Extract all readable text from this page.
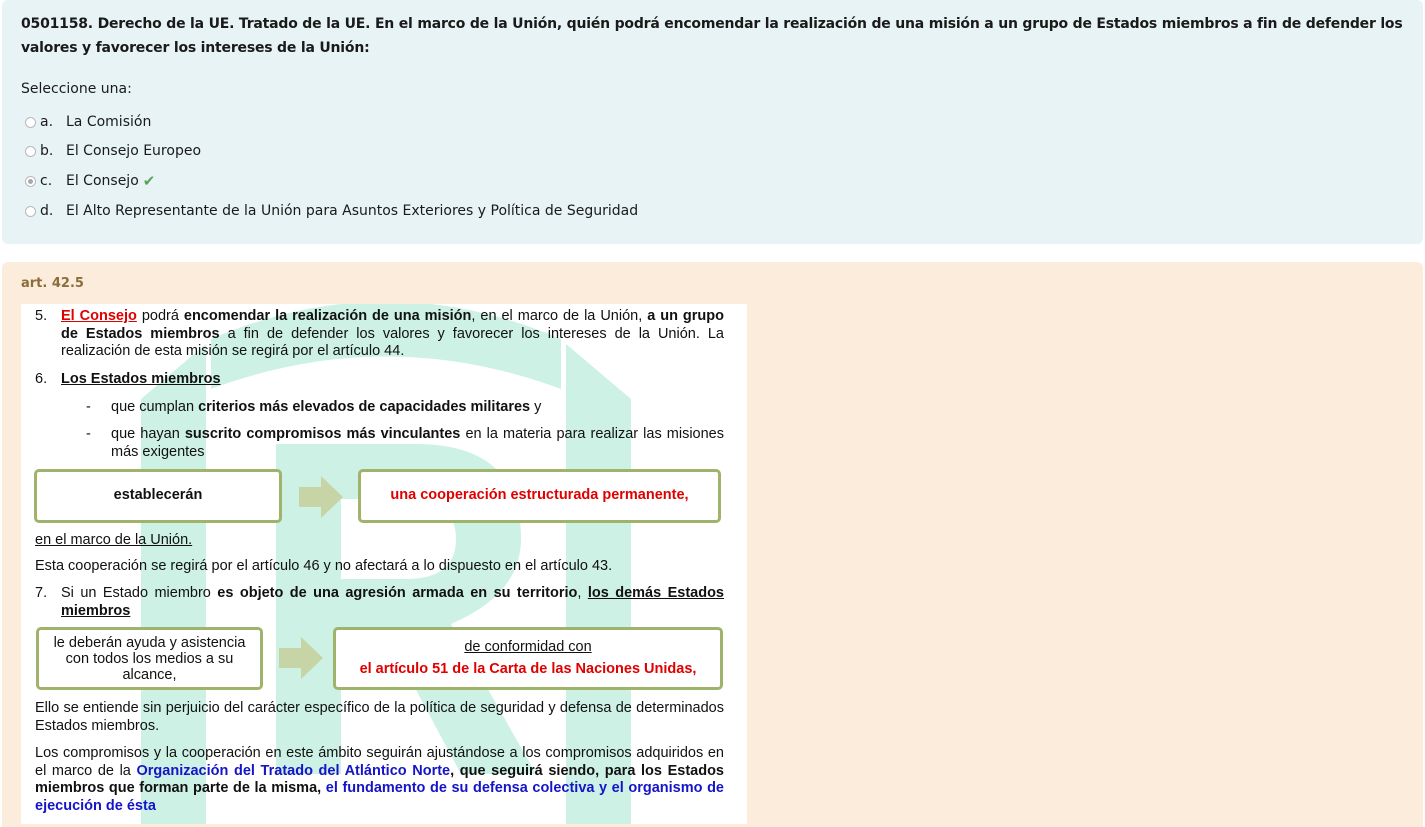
0501158. Derecho de la UE. Tratado de la UE. En el marco de la Unión, quién podrá encomendar la realización de una misión a un grupo de Estados miembros a fin de defender los valores y favorecer los intereses de la Unión:
Seleccione una:
a. La Comisión
b. El Consejo Europeo
c. El Consejo ✔
d. El Alto Representante de la Unión para Asuntos Exteriores y Política de Seguridad
art. 42.5
5. El Consejo podrá encomendar la realización de una misión, en el marco de la Unión, a un grupo de Estados miembros a fin de defender los valores y favorecer los intereses de la Unión. La realización de esta misión se regirá por el artículo 44.
6. Los Estados miembros
- que cumplan criterios más elevados de capacidades militares y
- que hayan suscrito compromisos más vinculantes en la materia para realizar las misiones más exigentes
establecerán	una cooperación estructurada permanente,
en el marco de la Unión.
Esta cooperación se regirá por el artículo 46 y no afectará a lo dispuesto en el artículo 43.
7. Si un Estado miembro es objeto de una agresión armada en su territorio, los demás Estados miembros
le deberán ayuda y asistencia con todos los medios a su alcance,
de conformidad con
el artículo 51 de la Carta de las Naciones Unidas,
Ello se entiende sin perjuicio del carácter específico de la política de seguridad y defensa de determinados Estados miembros.
Los compromisos y la cooperación en este ámbito seguirán ajustándose a los compromisos adquiridos en el marco de la Organización del Tratado del Atlántico Norte, que seguirá siendo, para los Estados miembros que forman parte de la misma, el fundamento de su defensa colectiva y el organismo de ejecución de ésta
